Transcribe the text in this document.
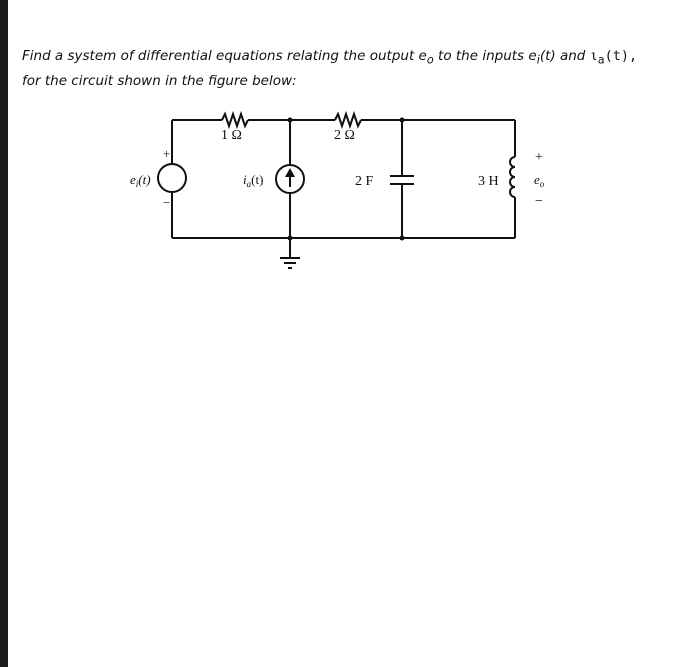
Find a system of differential equations relating the output $e_o$ to the inputs $e_i(t)$ and $\iota_a(t)$,
for the circuit shown in the figure below:
1 Ω	2 Ω
$e_i(t)$
+
−
$i_a(t)$	2 F	3 H
+
$e_o$
−
